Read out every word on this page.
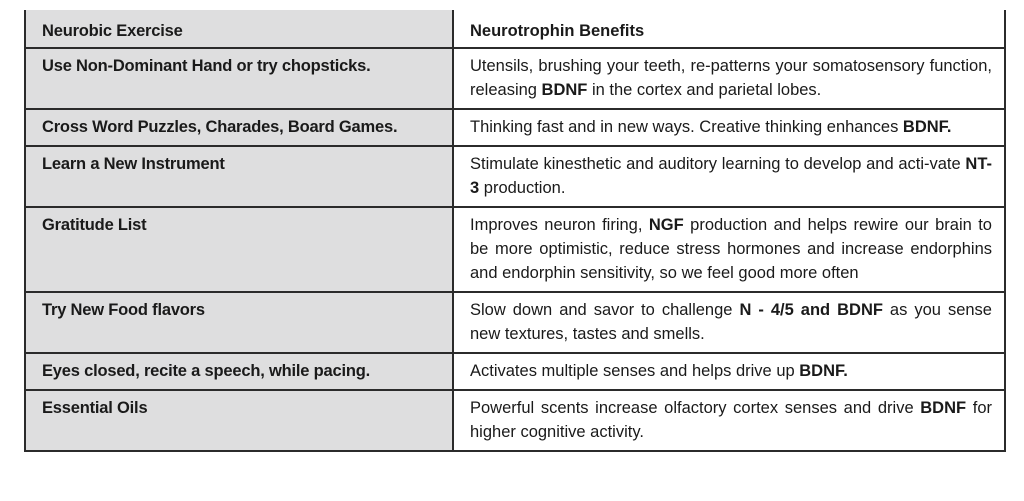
Neurobic Exercise	Neurotrophin Benefits
Use Non-Dominant Hand or try chopsticks.	Utensils, brushing your teeth, re-patterns your somatosensory function, releasing BDNF in the cortex and parietal lobes.
Cross Word Puzzles, Charades, Board Games.	Thinking fast and in new ways. Creative thinking enhances BDNF.
Learn a New Instrument	Stimulate kinesthetic and auditory learning to develop and acti-vate NT-3 production.
Gratitude List	Improves neuron firing, NGF production and helps rewire our brain to be more optimistic, reduce stress hormones and increase endorphins and endorphin sensitivity, so we feel good more often
Try New Food flavors	Slow down and savor to challenge N - 4/5 and BDNF as you sense new textures, tastes and smells.
Eyes closed, recite a speech, while pacing.	Activates multiple senses and helps drive up BDNF.
Essential Oils	Powerful scents increase olfactory cortex senses and drive BDNF for higher cognitive activity.
